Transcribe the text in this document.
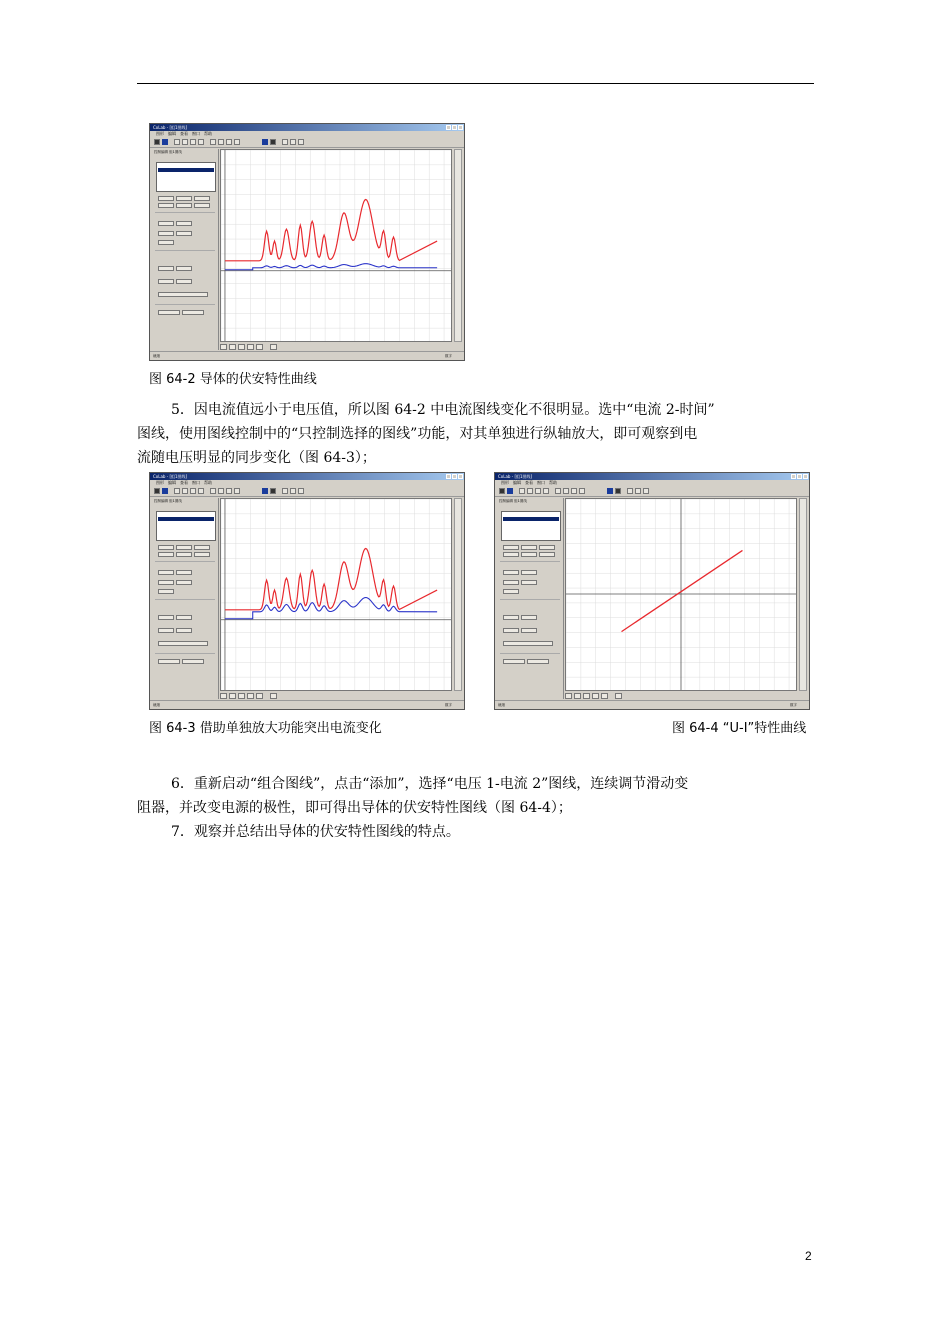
CoLab - [组1图线]
图形 编辑 查看 窗口 帮助
控制编辑 组1图线
就绪	数字
图 64-2 导体的伏安特性曲线
5．因电流值远小于电压值，所以图 64-2 中电流图线变化不很明显。选中“电流 2-时间”
图线，使用图线控制中的“只控制选择的图线”功能，对其单独进行纵轴放大，即可观察到电
流随电压明显的同步变化（图 64-3）；
CoLab - [组1图线]
图形 编辑 查看 窗口 帮助
控制编辑 组1图线
就绪	数字
CoLab - [组1图线]
图形 编辑 查看 窗口 帮助
控制编辑 组1图线
就绪	数字
图 64-3 借助单独放大功能突出电流变化	图 64-4 “U-I”特性曲线
6．重新启动“组合图线”，点击“添加”，选择“电压 1-电流 2”图线，连续调节滑动变
阻器，并改变电源的极性，即可得出导体的伏安特性图线（图 64-4）；
7．观察并总结出导体的伏安特性图线的特点。
2
